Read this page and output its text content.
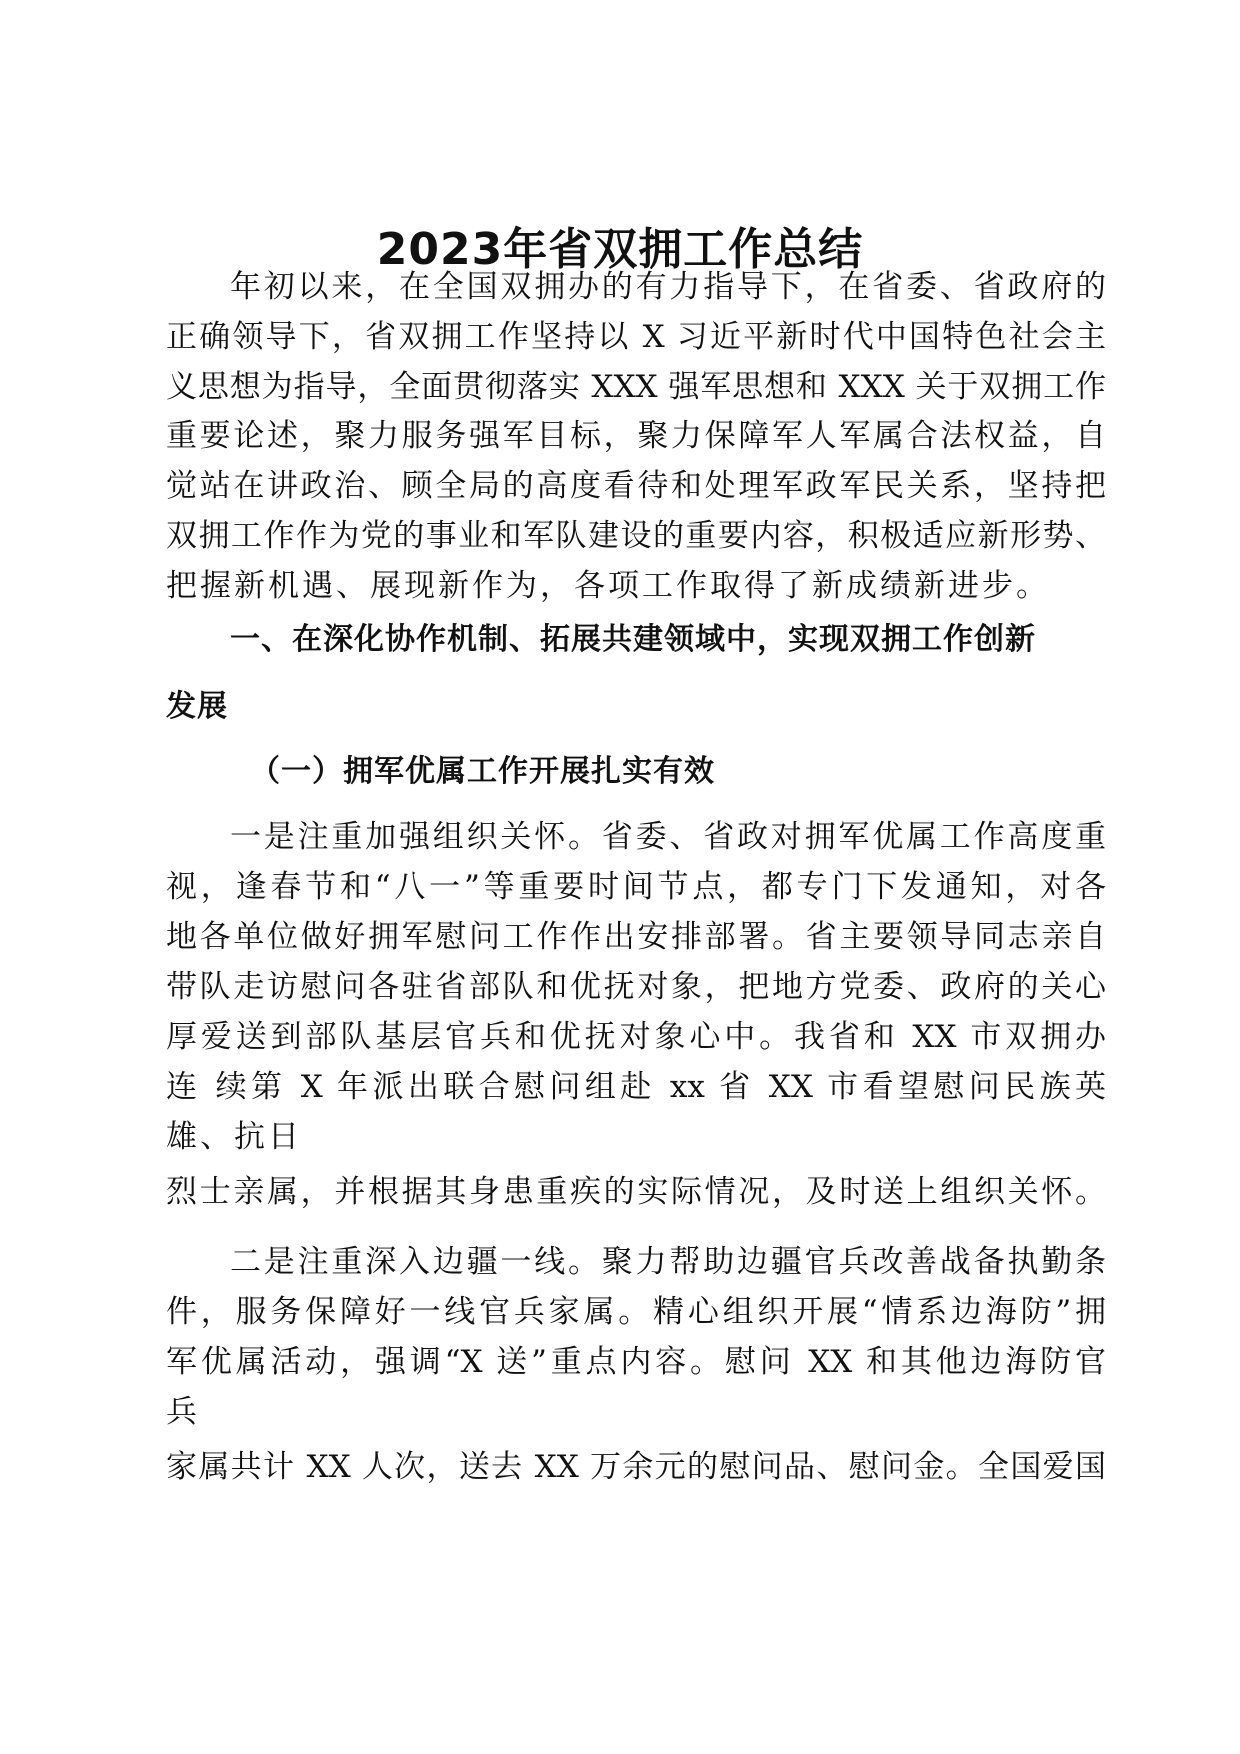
2023年省双拥工作总结
年初以来，在全国双拥办的有力指导下，在省委、省政府的
正确领导下，省双拥工作坚持以 X 习近平新时代中国特色社会主
义思想为指导，全面贯彻落实 XXX 强军思想和 XXX 关于双拥工作
重要论述，聚力服务强军目标，聚力保障军人军属合法权益，自
觉站在讲政治、顾全局的高度看待和处理军政军民关系，坚持把
双拥工作作为党的事业和军队建设的重要内容，积极适应新形势、
把握新机遇、展现新作为，各项工作取得了新成绩新进步。
一、在深化协作机制、拓展共建领域中，实现双拥工作创新
发展
（一）拥军优属工作开展扎实有效
一是注重加强组织关怀。省委、省政对拥军优属工作高度重
视，逢春节和“八一”等重要时间节点，都专门下发通知，对各
地各单位做好拥军慰问工作作出安排部署。省主要领导同志亲自
带队走访慰问各驻省部队和优抚对象，把地方党委、政府的关心
厚爱送到部队基层官兵和优抚对象心中。我省和 XX 市双拥办
连 续第 X 年派出联合慰问组赴 xx 省 XX 市看望慰问民族英
雄、抗日
烈士亲属，并根据其身患重疾的实际情况，及时送上组织关怀。
二是注重深入边疆一线。聚力帮助边疆官兵改善战备执勤条
件，服务保障好一线官兵家属。精心组织开展“情系边海防”拥
军优属活动，强调“X 送”重点内容。慰问 XX 和其他边海防官
兵
家属共计 XX 人次，送去 XX 万余元的慰问品、慰问金。全国爱国
